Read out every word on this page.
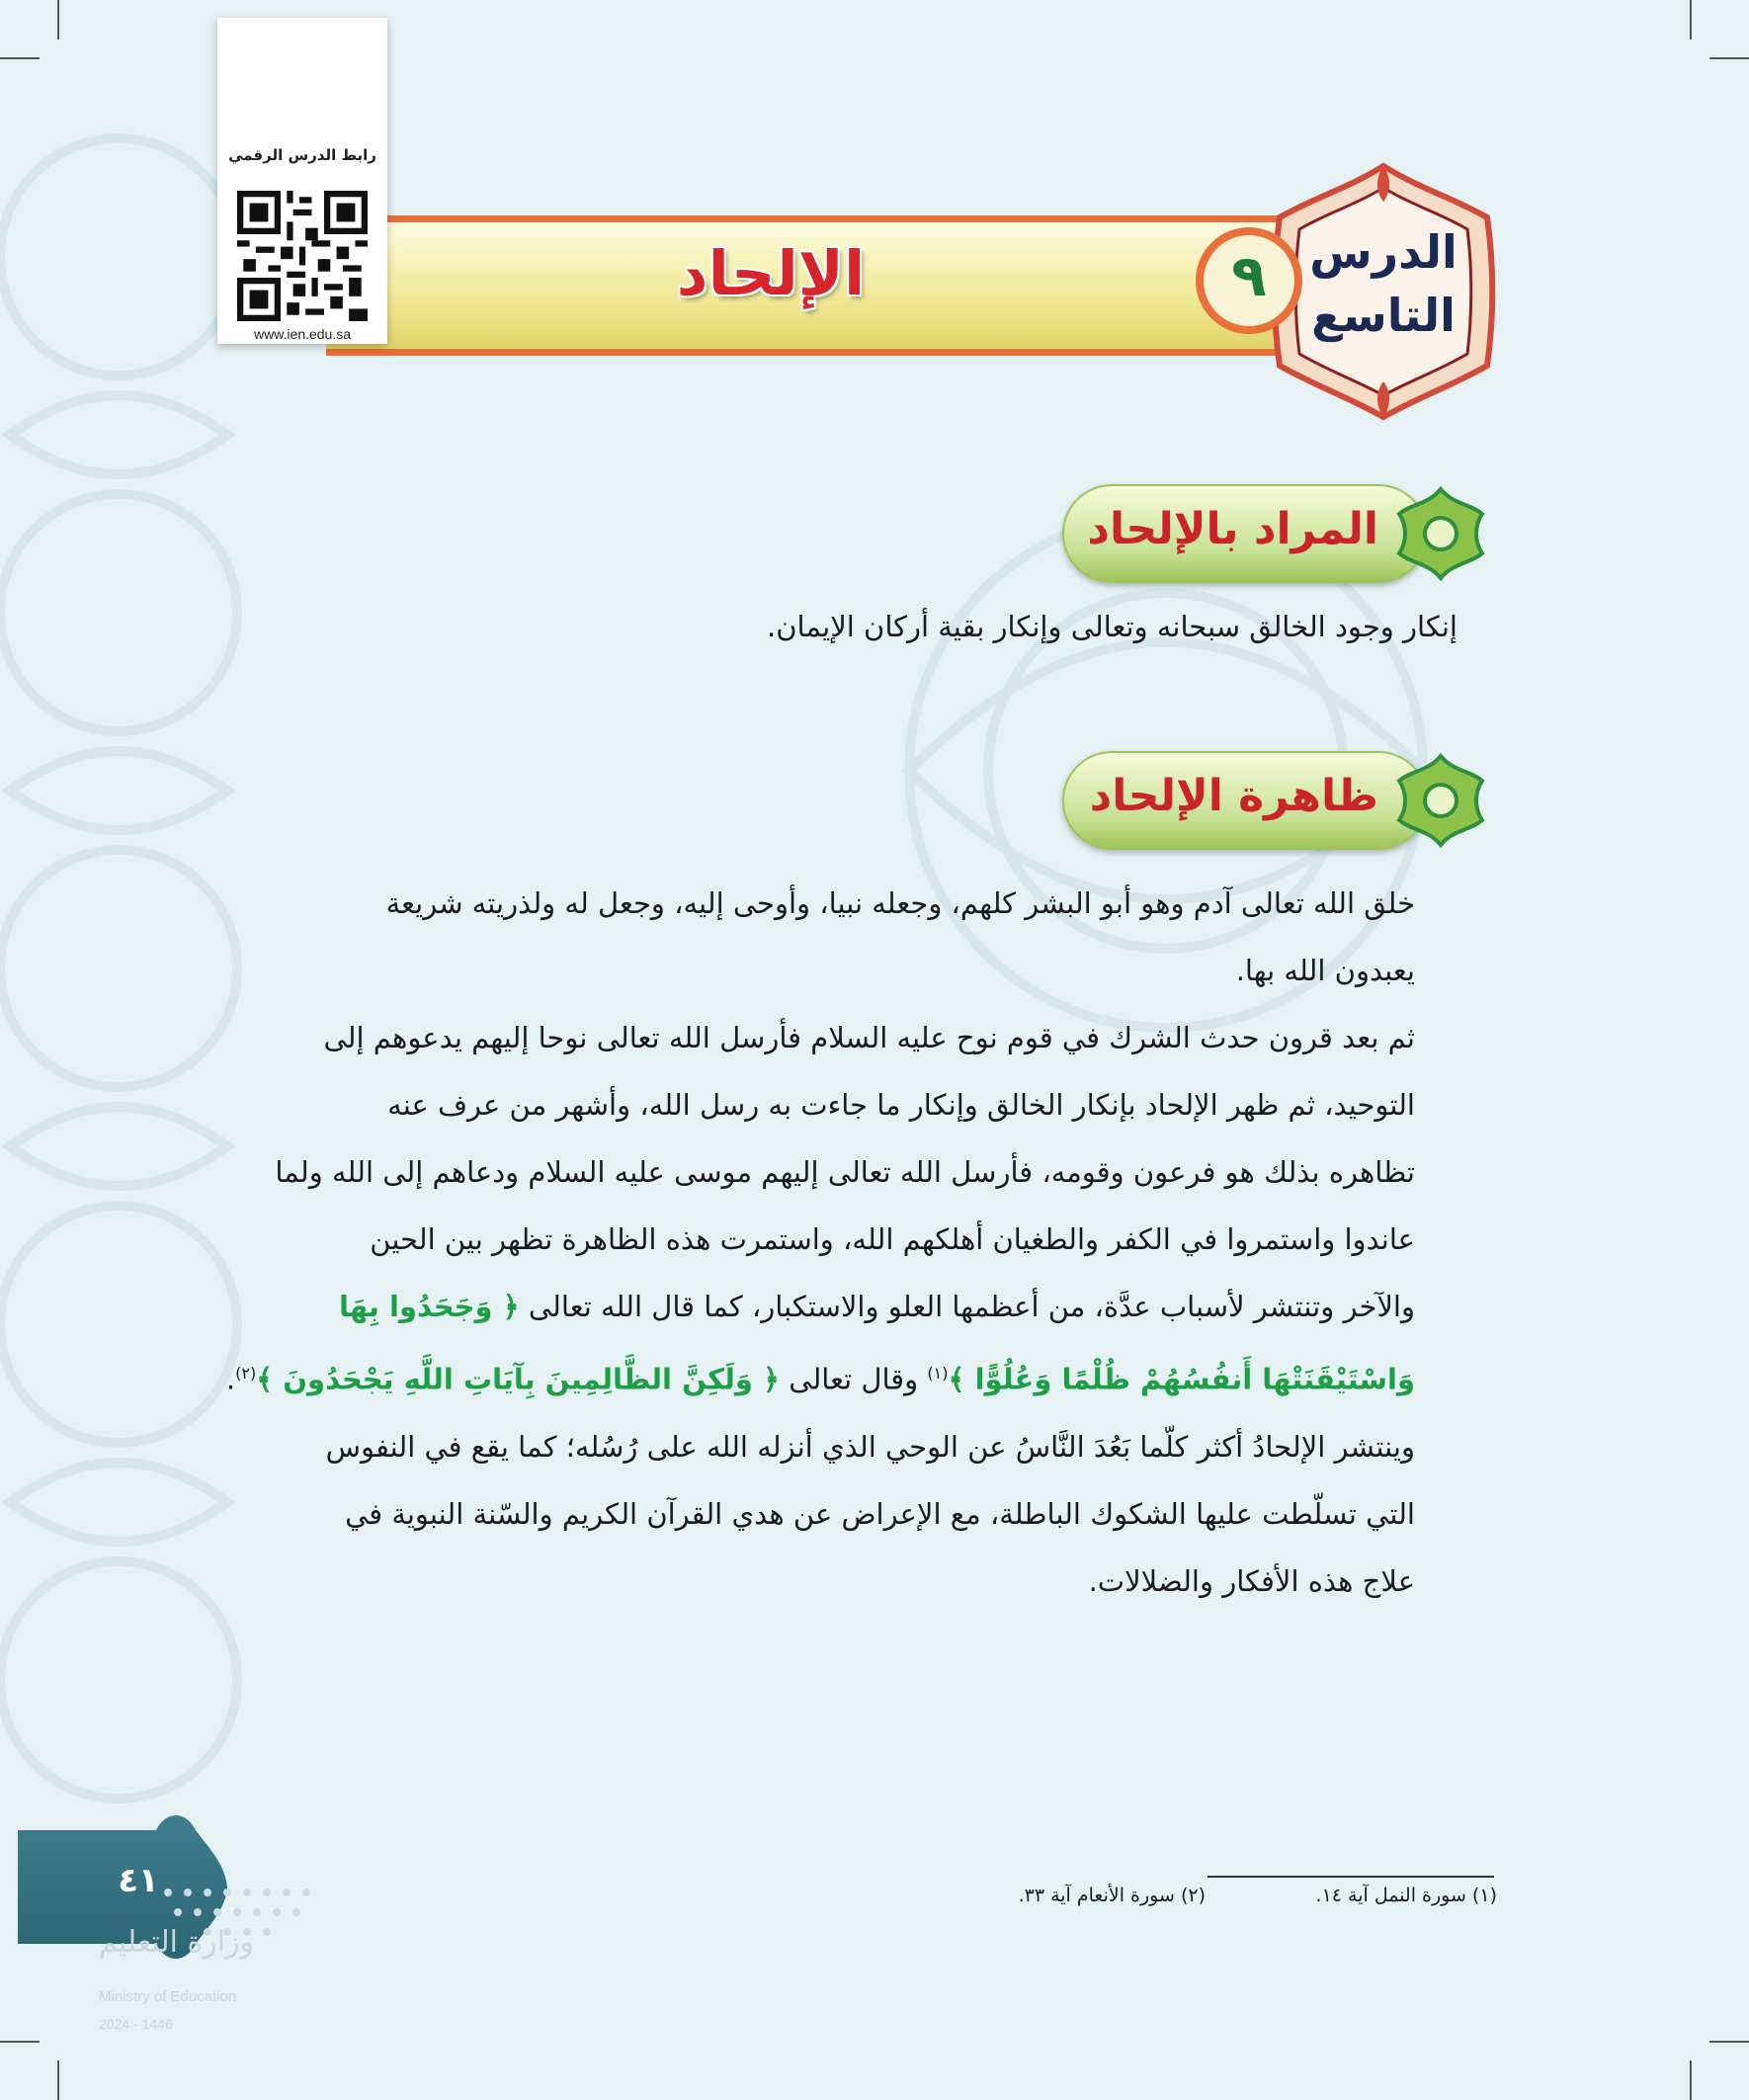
الإلحاد	الدرس
التاسع
٩
رابط الدرس الرقمي
www.ien.edu.sa
المراد بالإلحاد

إنكار وجود الخالق سبحانه وتعالى وإنكار بقية أركان الإيمان.

ظاهرة الإلحاد

خلق الله تعالى آدم وهو أبو البشر كلهم، وجعله نبيا، وأوحى إليه، وجعل له ولذريته شريعة

يعبدون الله بها.

ثم بعد قرون حدث الشرك في قوم نوح عليه السلام فأرسل الله تعالى نوحا إليهم يدعوهم إلى

التوحيد، ثم ظهر الإلحاد بإنكار الخالق وإنكار ما جاءت به رسل الله، وأشهر من عرف عنه

تظاهره بذلك هو فرعون وقومه، فأرسل الله تعالى إليهم موسى عليه السلام ودعاهم إلى الله ولما

عاندوا واستمروا في الكفر والطغيان أهلكهم الله، واستمرت هذه الظاهرة تظهر بين الحين

والآخر وتنتشر لأسباب عدَّة، من أعظمها العلو والاستكبار، كما قال الله تعالى ﴿ وَجَحَدُوا بِهَا

وَاسْتَيْقَنَتْهَا أَنفُسُهُمْ ظُلْمًا وَعُلُوًّا ﴾$^{(١)}$ وقال تعالى ﴿ وَلَكِنَّ الظَّالِمِينَ بِآيَاتِ اللَّهِ يَجْحَدُونَ ﴾$^{(٢)}$.

وينتشر الإلحادُ أكثر كلّما بَعُدَ النَّاسُ عن الوحي الذي أنزله الله على رُسُله؛ كما يقع في النفوس

التي تسلّطت عليها الشكوك الباطلة، مع الإعراض عن هدي القرآن الكريم والسّنة النبوية في

علاج هذه الأفكار والضلالات.

(١) سورة النمل آية ١٤.
(٢) سورة الأنعام آية ٣٣.
٤١
وزارة التعليم
Ministry of Education
2024 - 1446
